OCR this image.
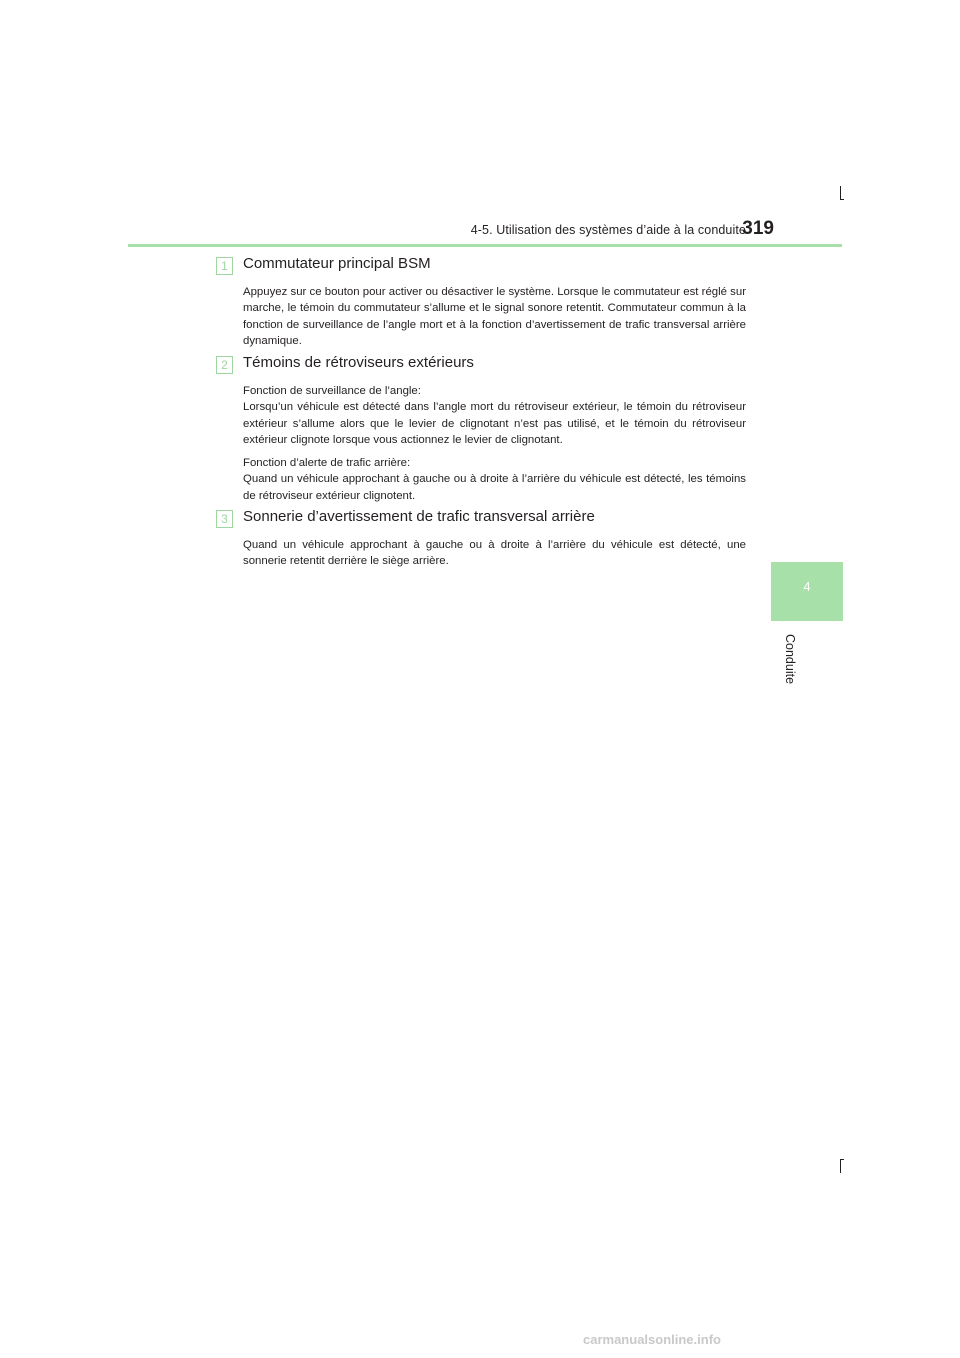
4-5. Utilisation des systèmes d’aide à la conduite
319
4
Conduite
1	Commutateur principal BSM

Appuyez sur ce bouton pour activer ou désactiver le système. Lorsque le commutateur est réglé sur marche, le témoin du commutateur s’allume et le signal sonore retentit. Commutateur commun à la fonction de surveillance de l’angle mort et à la fonction d’avertissement de trafic transversal arrière dynamique.

2	Témoins de rétroviseurs extérieurs

Fonction de surveillance de l’angle:
Lorsqu’un véhicule est détecté dans l’angle mort du rétroviseur extérieur, le témoin du rétroviseur extérieur s’allume alors que le levier de clignotant n’est pas utilisé, et le témoin du rétroviseur extérieur clignote lorsque vous actionnez le levier de clignotant.

Fonction d’alerte de trafic arrière:
Quand un véhicule approchant à gauche ou à droite à l’arrière du véhicule est détecté, les témoins de rétroviseur extérieur clignotent.

3	Sonnerie d’avertissement de trafic transversal arrière

Quand un véhicule approchant à gauche ou à droite à l’arrière du véhicule est détecté, une sonnerie retentit derrière le siège arrière.

carmanualsonline.info
